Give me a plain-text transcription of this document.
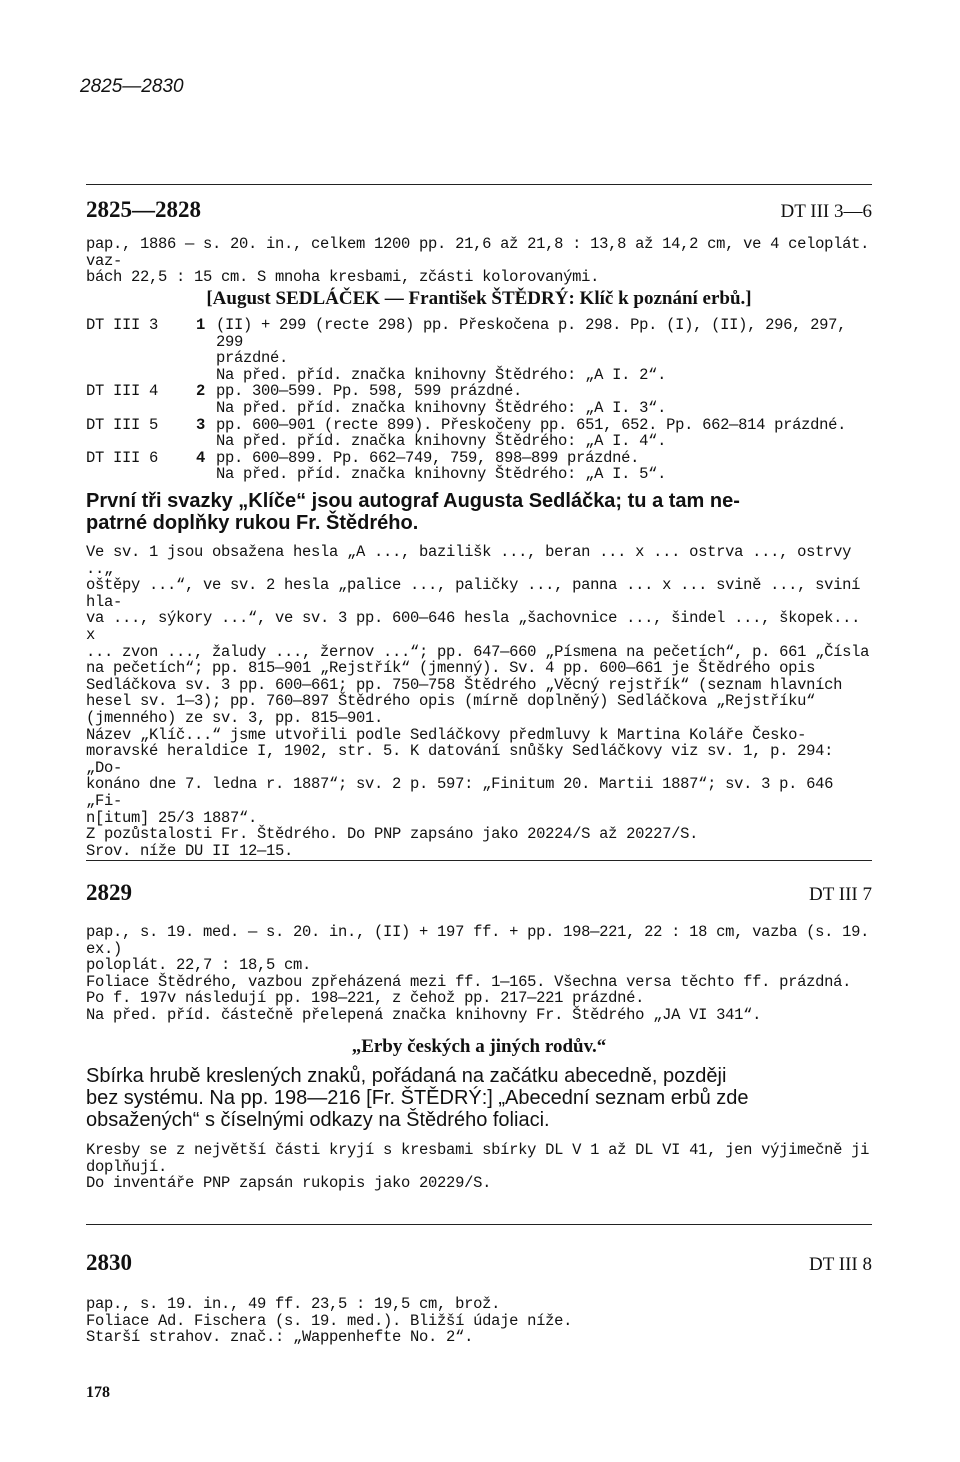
2825—2830
2825—2828	DT III 3—6

pap., 1886 — s. 20. in., celkem 1200 pp. 21,6 až 21,8 : 13,8 až 14,2 cm, ve 4 celoplát. vaz-

bách 22,5 : 15 cm. S mnoha kresbami, zčásti kolorovanými.

[August SEDLÁČEK — František ŠTĚDRÝ: Klíč k poznání erbů.]
DT III 3	1 (II) + 299 (recte 298) pp. Přeskočena p. 298. Pp. (I), (II), 296, 297, 299

prázdné.

Na před. příd. značka knihovny Štědrého: „A I. 2“.

DT III 4	2 pp. 300—599. Pp. 598, 599 prázdné.

Na před. příd. značka knihovny Štědrého: „A I. 3“.

DT III 5	3 pp. 600—901 (recte 899). Přeskočeny pp. 651, 652. Pp. 662—814 prázdné.

Na před. příd. značka knihovny Štědrého: „A I. 4“.

DT III 6	4 pp. 600—899. Pp. 662—749, 759, 898—899 prázdné.

Na před. příd. značka knihovny Štědrého: „A I. 5“.

První tři svazky „Klíče“ jsou autograf Augusta Sedláčka; tu a tam ne-

patrné doplňky rukou Fr. Štědrého.

Ve sv. 1 jsou obsažena hesla „A ..., bazilišk ..., beran ... x ... ostrva ..., ostrvy ..„

oštěpy ...“, ve sv. 2 hesla „palice ..., paličky ..., panna ... x ... svině ..., sviní hla-

va ..., sýkory ...“, ve sv. 3 pp. 600—646 hesla „šachovnice ..., šindel ..., škopek... x

... zvon ..., žaludy ..., žernov ...“; pp. 647—660 „Písmena na pečetích“, p. 661 „Čísla

na pečetích“; pp. 815—901 „Rejstřík“ (jmenný). Sv. 4 pp. 600—661 je Štědrého opis

Sedláčkova sv. 3 pp. 600—661; pp. 750—758 Štědrého „Věcný rejstřík“ (seznam hlavních

hesel sv. 1—3); pp. 760—897 Štědrého opis (mírně doplněný) Sedláčkova „Rejstříku“

(jmenného) ze sv. 3, pp. 815—901.

Název „Klíč...“ jsme utvořili podle Sedláčkovy předmluvy k Martina Koláře Česko-

moravské heraldice I, 1902, str. 5. K datování snůšky Sedláčkovy viz sv. 1, p. 294: „Do-

konáno dne 7. ledna r. 1887“; sv. 2 p. 597: „Finitum 20. Martii 1887“; sv. 3 p. 646 „Fi-

n[itum] 25/3 1887“.

Z pozůstalosti Fr. Štědrého. Do PNP zapsáno jako 20224/S až 20227/S.

Srov. níže DU II 12—15.

2829	DT III 7

pap., s. 19. med. — s. 20. in., (II) + 197 ff. + pp. 198—221, 22 : 18 cm, vazba (s. 19. ex.)

poloplát. 22,7 : 18,5 cm.

Foliace Štědrého, vazbou zpřeházená mezi ff. 1—165. Všechna versa těchto ff. prázdná.

Po f. 197v následují pp. 198—221, z čehož pp. 217—221 prázdné.

Na před. příd. částečně přelepená značka knihovny Fr. Štědrého „JA VI 341“.

„Erby českých a jiných rodův.“

Sbírka hrubě kreslených znaků, pořádaná na začátku abecedně, později

bez systému. Na pp. 198—216 [Fr. ŠTĚDRÝ:] „Abecední seznam erbů zde

obsažených“ s číselnými odkazy na Štědrého foliaci.

Kresby se z největší části kryjí s kresbami sbírky DL V 1 až DL VI 41, jen výjimečně ji

doplňují.

Do inventáře PNP zapsán rukopis jako 20229/S.

2830	DT III 8

pap., s. 19. in., 49 ff. 23,5 : 19,5 cm, brož.

Foliace Ad. Fischera (s. 19. med.). Bližší údaje níže.

Starší strahov. znač.: „Wappenhefte No. 2“.

178
